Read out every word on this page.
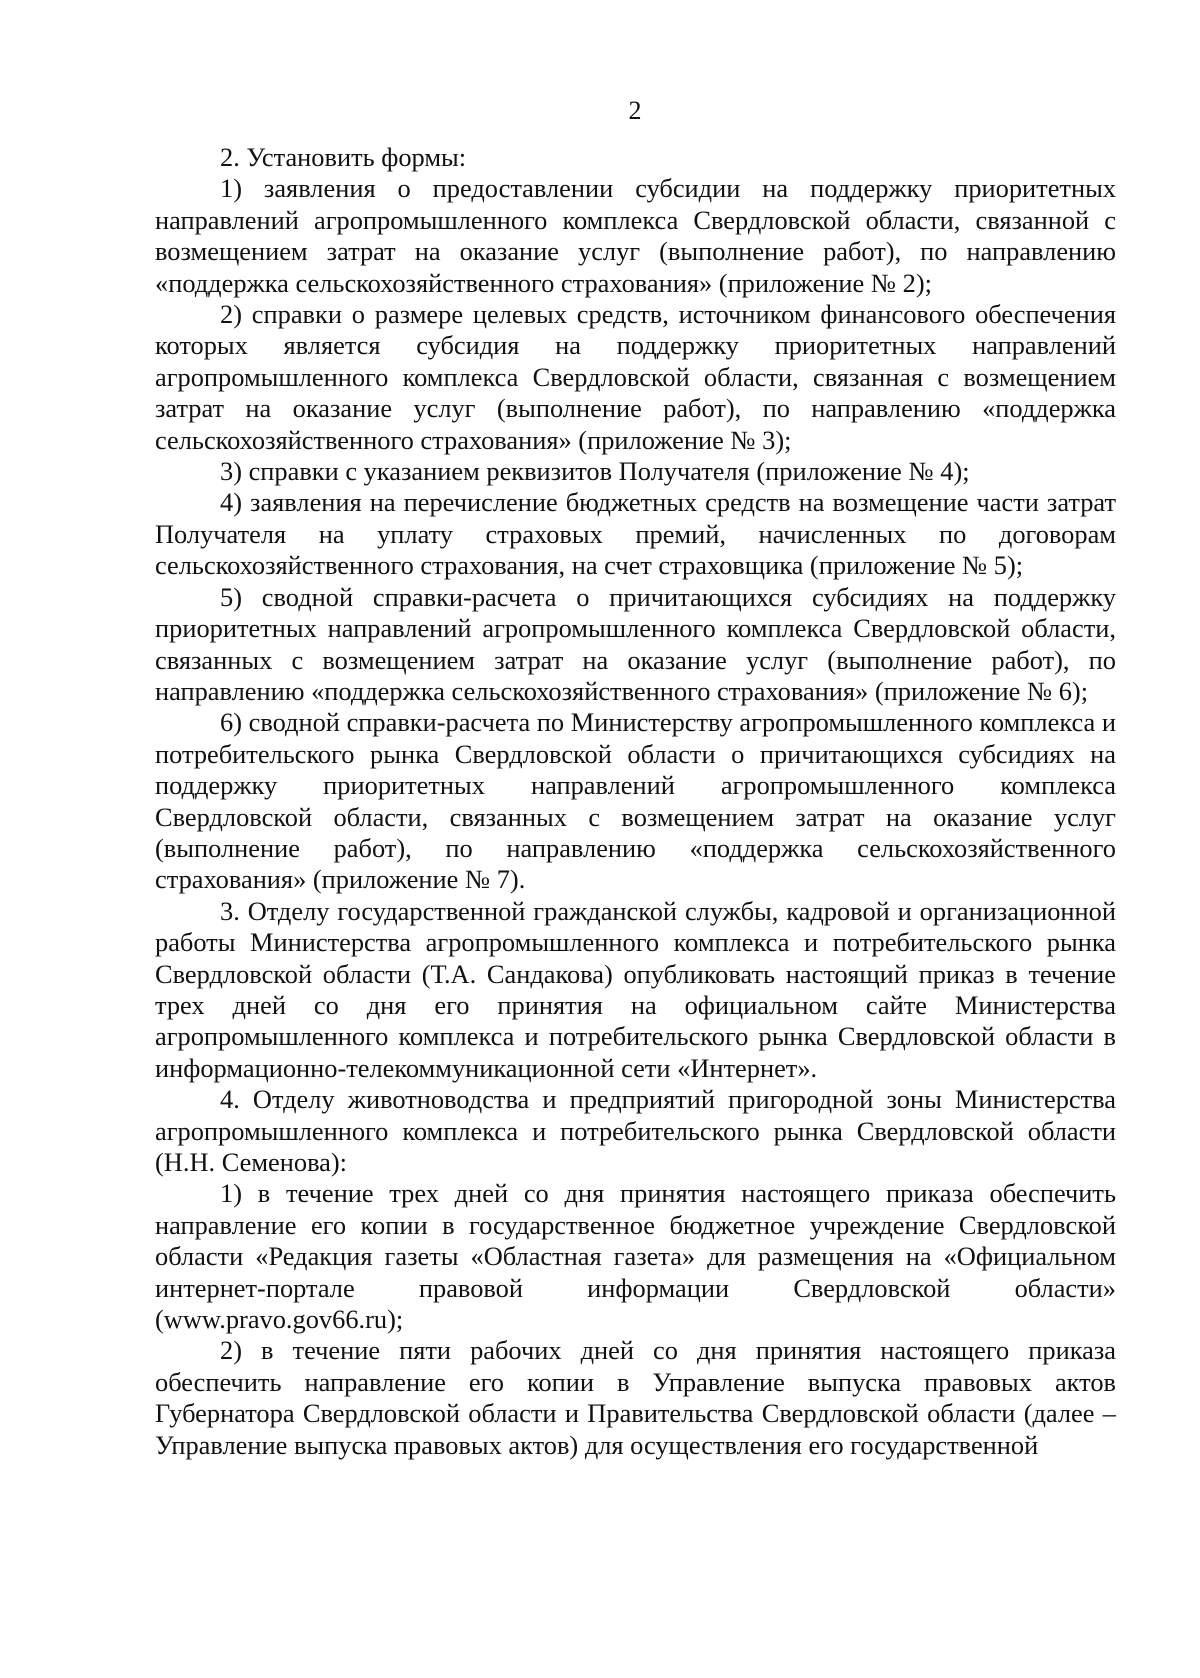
2

2. Установить формы:

1) заявления о предоставлении субсидии на поддержку приоритетных направлений агропромышленного комплекса Свердловской области, связанной с возмещением затрат на оказание услуг (выполнение работ), по направлению «поддержка сельскохозяйственного страхования» (приложение № 2);

2) справки о размере целевых средств, источником финансового обеспечения которых является субсидия на поддержку приоритетных направлений агропромышленного комплекса Свердловской области, связанная с возмещением затрат на оказание услуг (выполнение работ), по направлению «поддержка сельскохозяйственного страхования» (приложение № 3);

3) справки с указанием реквизитов Получателя (приложение № 4);

4) заявления на перечисление бюджетных средств на возмещение части затрат Получателя на уплату страховых премий, начисленных по договорам сельскохозяйственного страхования, на счет страховщика (приложение № 5);

5) сводной справки-расчета о причитающихся субсидиях на поддержку приоритетных направлений агропромышленного комплекса Свердловской области, связанных с возмещением затрат на оказание услуг (выполнение работ), по направлению «поддержка сельскохозяйственного страхования» (приложение № 6);

6) сводной справки-расчета по Министерству агропромышленного комплекса и потребительского рынка Свердловской области о причитающихся субсидиях на поддержку приоритетных направлений агропромышленного комплекса Свердловской области, связанных с возмещением затрат на оказание услуг (выполнение работ), по направлению «поддержка сельскохозяйственного страхования» (приложение № 7).

3. Отделу государственной гражданской службы, кадровой и организационной работы Министерства агропромышленного комплекса и потребительского рынка Свердловской области (Т.А. Сандакова) опубликовать настоящий приказ в течение трех дней со дня его принятия на официальном сайте Министерства агропромышленного комплекса и потребительского рынка Свердловской области в информационно-телекоммуникационной сети «Интернет».

4. Отделу животноводства и предприятий пригородной зоны Министерства агропромышленного комплекса и потребительского рынка Свердловской области (Н.Н. Семенова):

1) в течение трех дней со дня принятия настоящего приказа обеспечить направление его копии в государственное бюджетное учреждение Свердловской области «Редакция газеты «Областная газета» для размещения на «Официальном интернет-портале правовой информации Свердловской области» (www.pravo.gov66.ru);

2) в течение пяти рабочих дней со дня принятия настоящего приказа обеспечить направление его копии в Управление выпуска правовых актов Губернатора Свердловской области и Правительства Свердловской области (далее – Управление выпуска правовых актов) для осуществления его государственной
